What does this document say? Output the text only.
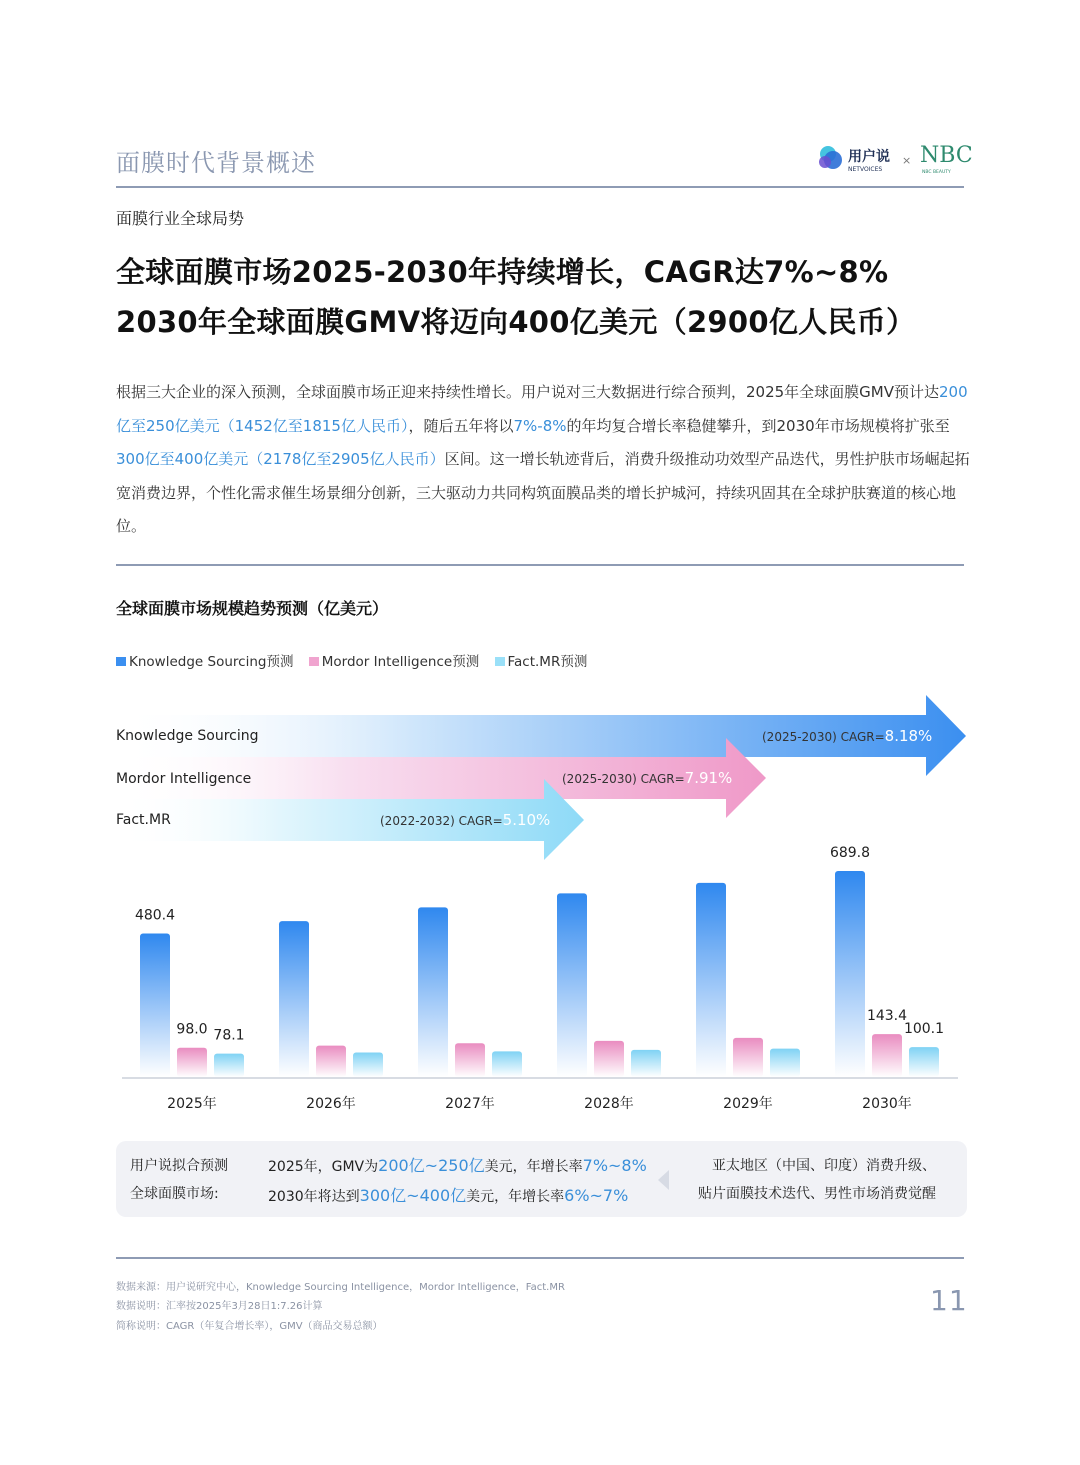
面膜时代背景概述	用户说
NETVOICES
× NBC
NBC BEAUTY
面膜行业全球局势
全球面膜市场2025-2030年持续增长，CAGR达7%~8%
2030年全球面膜GMV将迈向400亿美元（2900亿人民币）
根据三大企业的深入预测，全球面膜市场正迎来持续性增长。用户说对三大数据进行综合预判，2025年全球面膜GMV预计达200亿至250亿美元（1452亿至1815亿人民币），随后五年将以7%-8%的年均复合增长率稳健攀升，到2030年市场规模将扩张至300亿至400亿美元（2178亿至2905亿人民币）区间。这一增长轨迹背后，消费升级推动功效型产品迭代，男性护肤市场崛起拓宽消费边界，个性化需求催生场景细分创新，三大驱动力共同构筑面膜品类的增长护城河，持续巩固其在全球护肤赛道的核心地位。
全球面膜市场规模趋势预测（亿美元）
Knowledge Sourcing预测 Mordor Intelligence预测 Fact.MR预测
Knowledge Sourcing
Mordor Intelligence
Fact.MR
(2025-2030) CAGR=8.18%
(2025-2030) CAGR=7.91%
(2022-2032) CAGR=5.10%
2025年	2026年	2027年	2028年	2029年	2030年
480.4
98.0 78.1
689.8
143.4
100.1
用户说拟合预测
全球面膜市场:
2025年，GMV为200亿~250亿美元，年增长率7%~8%
2030年将达到300亿~400亿美元，年增长率6%~7%
亚太地区（中国、印度）消费升级、
贴片面膜技术迭代、男性市场消费觉醒
数据来源：用户说研究中心，Knowledge Sourcing Intelligence，Mordor Intelligence，Fact.MR
数据说明：汇率按2025年3月28日1:7.26计算
简称说明：CAGR（年复合增长率），GMV（商品交易总额）
11
